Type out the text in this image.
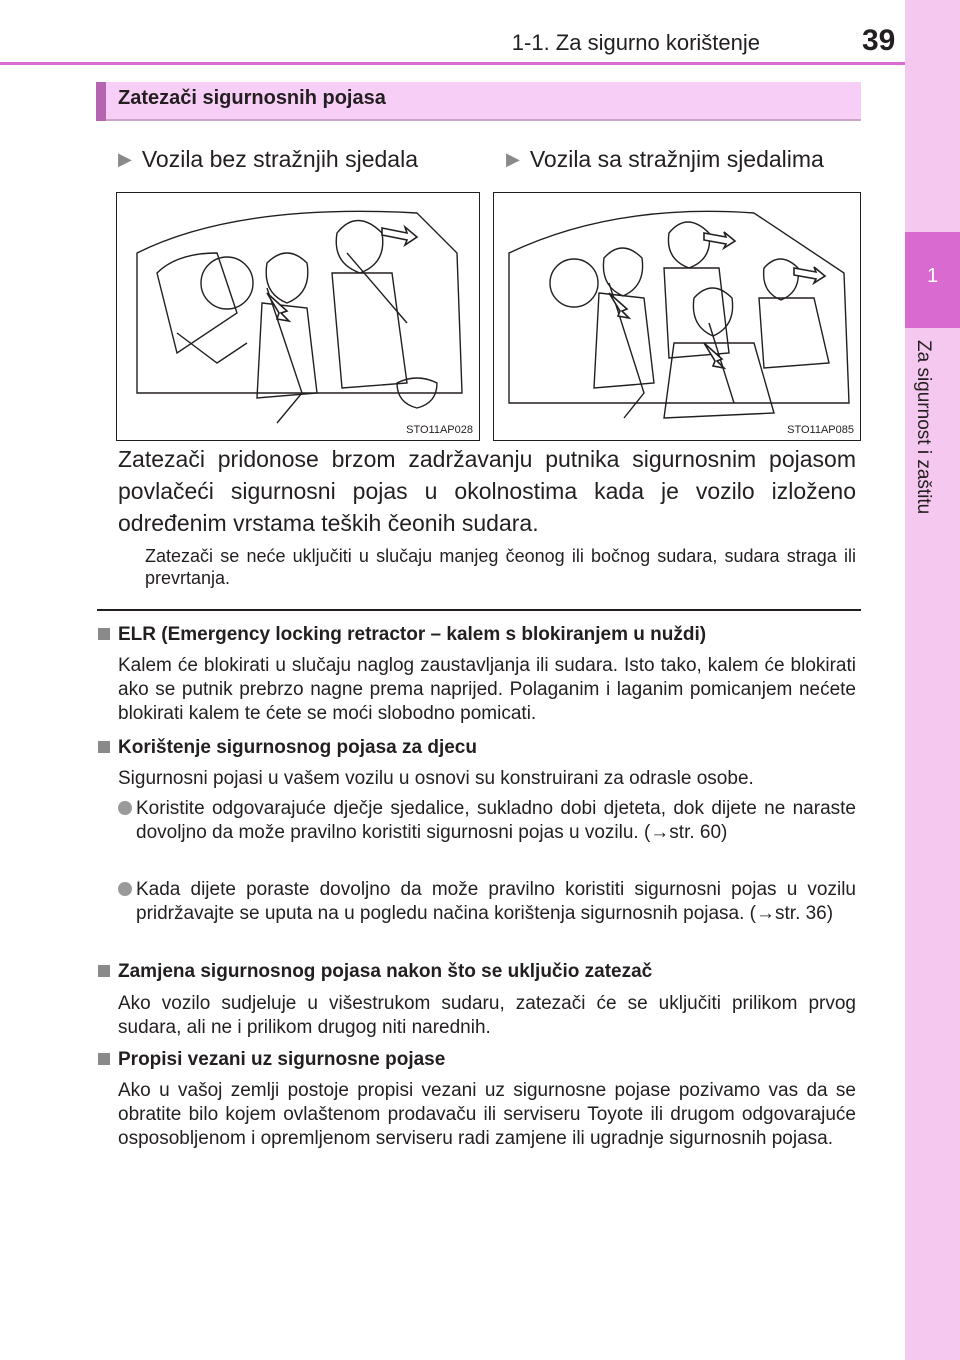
1-1. Za sigurno korištenje	39
1
Za sigurnost i zaštitu
Zatezači sigurnosnih pojasa
▶ Vozila bez stražnjih sjedala	▶ Vozila sa stražnjim sjedalima
STO11AP028	STO11AP085
Zatezači pridonose brzom zadržavanju putnika sigurnosnim pojasom povlačeći sigurnosni pojas u okolnostima kada je vozilo izloženo određenim vrstama teških čeonih sudara.
Zatezači se neće uključiti u slučaju manjeg čeonog ili bočnog sudara, sudara straga ili prevrtanja.
ELR (Emergency locking retractor – kalem s blokiranjem u nuždi)
Kalem će blokirati u slučaju naglog zaustavljanja ili sudara. Isto tako, kalem će blokirati ako se putnik prebrzo nagne prema naprijed. Polaganim i laganim pomicanjem nećete blokirati kalem te ćete se moći slobodno pomicati.
Korištenje sigurnosnog pojasa za djecu
Sigurnosni pojasi u vašem vozilu u osnovi su konstruirani za odrasle osobe.
Koristite odgovarajuće dječje sjedalice, sukladno dobi djeteta, dok dijete ne naraste dovoljno da može pravilno koristiti sigurnosni pojas u vozilu. (→str. 60)
Kada dijete poraste dovoljno da može pravilno koristiti sigurnosni pojas u vozilu pridržavajte se uputa na u pogledu načina korištenja sigurnosnih pojasa. (→str. 36)
Zamjena sigurnosnog pojasa nakon što se uključio zatezač
Ako vozilo sudjeluje u višestrukom sudaru, zatezači će se uključiti prilikom prvog sudara, ali ne i prilikom drugog niti narednih.
Propisi vezani uz sigurnosne pojase
Ako u vašoj zemlji postoje propisi vezani uz sigurnosne pojase pozivamo vas da se obratite bilo kojem ovlaštenom prodavaču ili serviseru Toyote ili drugom odgovarajuće osposobljenom i opremljenom serviseru radi zamjene ili ugradnje sigurnosnih pojasa.
